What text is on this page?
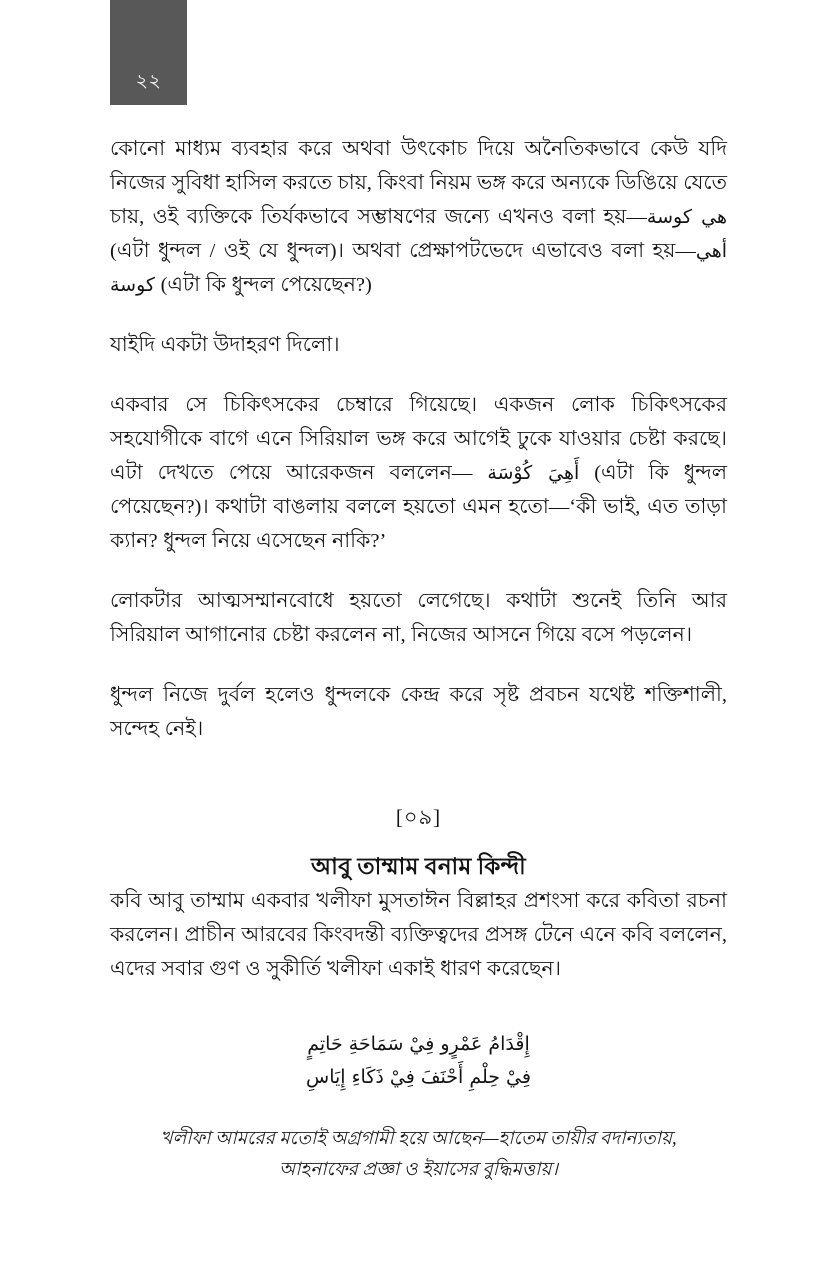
২২

কোনো মাধ্যম ব্যবহার করে অথবা উৎকোচ দিয়ে অনৈতিকভাবে কেউ যদি নিজের সুবিধা হাসিল করতে চায়, কিংবা নিয়ম ভঙ্গ করে অন্যকে ডিঙিয়ে যেতে চায়, ওই ব্যক্তিকে তির্যকভাবে সম্ভাষণের জন্যে এখনও বলা হয়—هي كوسة (এটা ধুন্দল / ওই যে ধুন্দল)। অথবা প্রেক্ষাপটভেদে এভাবেও বলা হয়—أهي كوسة (এটা কি ধুন্দল পেয়েছেন?)

যাইদি একটা উদাহরণ দিলো।

একবার সে চিকিৎসকের চেম্বারে গিয়েছে। একজন লোক চিকিৎসকের সহযোগীকে বাগে এনে সিরিয়াল ভঙ্গ করে আগেই ঢুকে যাওয়ার চেষ্টা করছে। এটা দেখতে পেয়ে আরেকজন বললেন— أَهِيَ كُوْسَة (এটা কি ধুন্দল পেয়েছেন?)। কথাটা বাঙলায় বললে হয়তো এমন হতো—‘কী ভাই, এত তাড়া ক্যান? ধুন্দল নিয়ে এসেছেন নাকি?’

লোকটার আত্মসম্মানবোধে হয়তো লেগেছে। কথাটা শুনেই তিনি আর সিরিয়াল আগানোর চেষ্টা করলেন না, নিজের আসনে গিয়ে বসে পড়লেন।

ধুন্দল নিজে দুর্বল হলেও ধুন্দলকে কেন্দ্র করে সৃষ্ট প্রবচন যথেষ্ট শক্তিশালী, সন্দেহ নেই।

[০৯]

আবু তাম্মাম বনাম কিন্দী

কবি আবু তাম্মাম একবার খলীফা মুসতাঈন বিল্লাহর প্রশংসা করে কবিতা রচনা করলেন। প্রাচীন আরবের কিংবদন্তী ব্যক্তিত্বদের প্রসঙ্গ টেনে এনে কবি বললেন, এদের সবার গুণ ও সুকীর্তি খলীফা একাই ধারণ করেছেন।

إِقْدَامُ عَمْرٍو فِيْ سَمَاحَةِ حَاتِمٍ

فِيْ حِلْمِ أَحْنَفَ فِيْ ذَكَاءِ إِيَاسِ

খলীফা আমরের মতোই অগ্রগামী হয়ে আছেন—হাতেম তায়ীর বদান্যতায়,
আহনাফের প্রজ্ঞা ও ইয়াসের বুদ্ধিমত্তায়।
